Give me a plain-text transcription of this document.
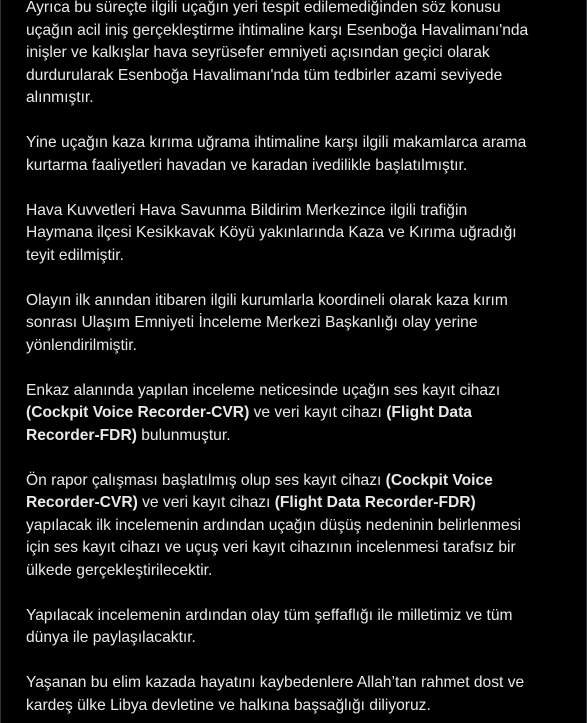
Ayrıca bu süreçte ilgili uçağın yeri tespit edilemediğinden söz konusu
uçağın acil iniş gerçekleştirme ihtimaline karşı Esenboğa Havalimanı'nda
inişler ve kalkışlar hava seyrüsefer emniyeti açısından geçici olarak
durdurularak Esenboğa Havalimanı'nda tüm tedbirler azami seviyede
alınmıştır.

Yine uçağın kaza kırıma uğrama ihtimaline karşı ilgili makamlarca arama
kurtarma faaliyetleri havadan ve karadan ivedilikle başlatılmıştır.

Hava Kuvvetleri Hava Savunma Bildirim Merkezince ilgili trafiğin
Haymana ilçesi Kesikkavak Köyü yakınlarında Kaza ve Kırıma uğradığı
teyit edilmiştir.

Olayın ilk anından itibaren ilgili kurumlarla koordineli olarak kaza kırım
sonrası Ulaşım Emniyeti İnceleme Merkezi Başkanlığı olay yerine
yönlendirilmiştir.

Enkaz alanında yapılan inceleme neticesinde uçağın ses kayıt cihazı
(Cockpit Voice Recorder-CVR) ve veri kayıt cihazı (Flight Data
Recorder-FDR) bulunmuştur.

Ön rapor çalışması başlatılmış olup ses kayıt cihazı (Cockpit Voice
Recorder-CVR) ve veri kayıt cihazı (Flight Data Recorder-FDR)
yapılacak ilk incelemenin ardından uçağın düşüş nedeninin belirlenmesi
için ses kayıt cihazı ve uçuş veri kayıt cihazının incelenmesi tarafsız bir
ülkede gerçekleştirilecektir.

Yapılacak incelemenin ardından olay tüm şeffaflığı ile milletimiz ve tüm
dünya ile paylaşılacaktır.

Yaşanan bu elim kazada hayatını kaybedenlere Allah’tan rahmet dost ve
kardeş ülke Libya devletine ve halkına başsağlığı diliyoruz.
